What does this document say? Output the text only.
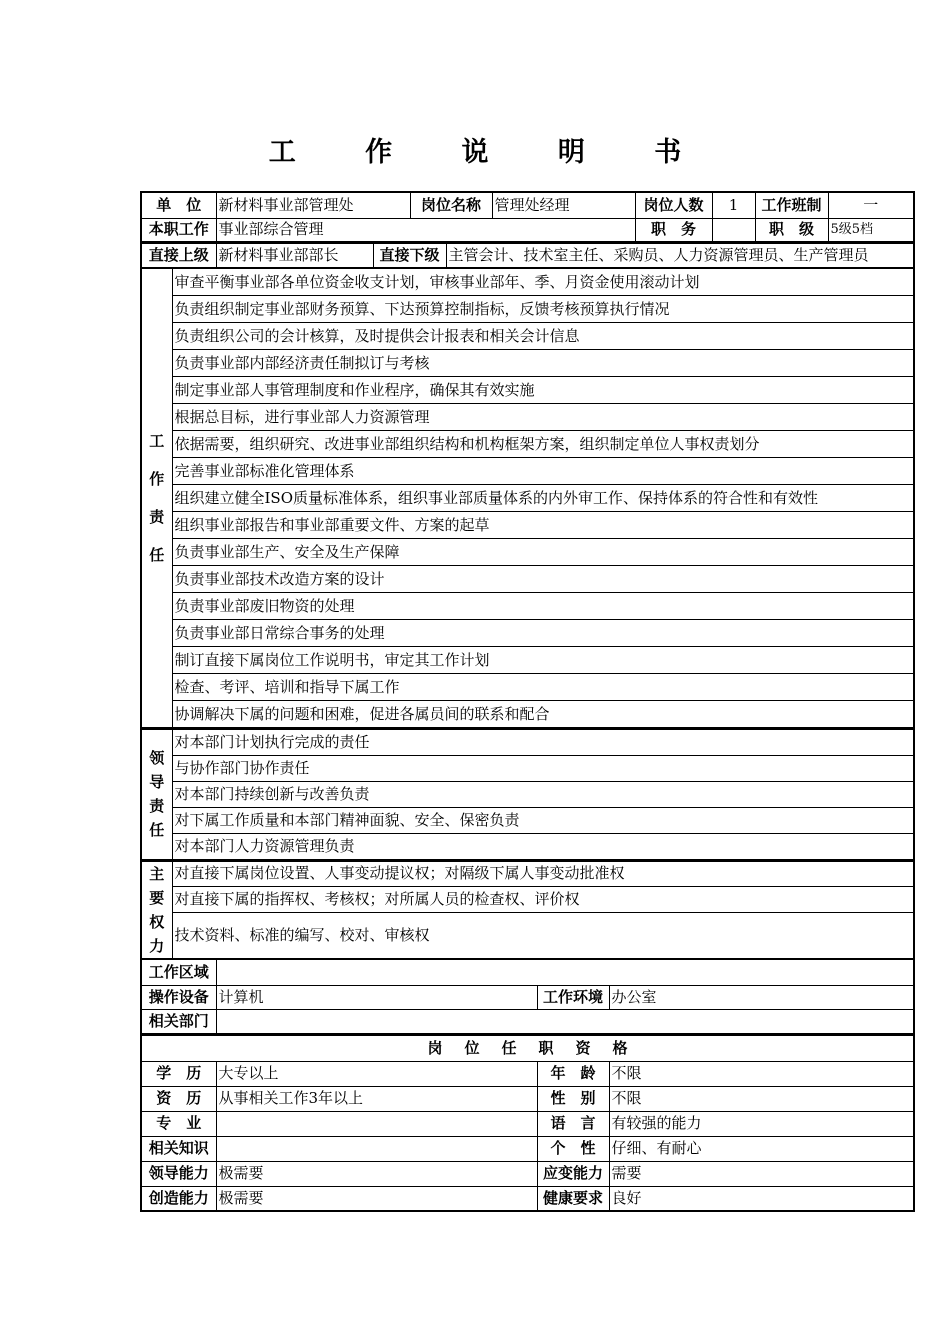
工 作 说 明 书
单　位	新材料事业部管理处	岗位名称	管理处经理	岗位人数	1	工作班制	一
本职工作	事业部综合管理			职　务		职　级	5级5档
直接上级	新材料事业部部长	直接下级	主管会计、技术室主任、采购员、人力资源管理员、生产管理员
工
作
责
任
	审查平衡事业部各单位资金收支计划，审核事业部年、季、月资金使用滚动计划
负责组织制定事业部财务预算、下达预算控制指标，反馈考核预算执行情况
负责组织公司的会计核算，及时提供会计报表和相关会计信息
负责事业部内部经济责任制拟订与考核
制定事业部人事管理制度和作业程序，确保其有效实施
根据总目标，进行事业部人力资源管理
依据需要，组织研究、改进事业部组织结构和机构框架方案，组织制定单位人事权责划分
完善事业部标准化管理体系
组织建立健全ISO质量标准体系，组织事业部质量体系的内外审工作、保持体系的符合性和有效性
组织事业部报告和事业部重要文件、方案的起草
负责事业部生产、安全及生产保障
负责事业部技术改造方案的设计
负责事业部废旧物资的处理
负责事业部日常综合事务的处理
制订直接下属岗位工作说明书，审定其工作计划
检查、考评、培训和指导下属工作
协调解决下属的问题和困难，促进各属员间的联系和配合
领
导
责
任
	对本部门计划执行完成的责任
与协作部门协作责任
对本部门持续创新与改善负责
对下属工作质量和本部门精神面貌、安全、保密负责
对本部门人力资源管理负责
主
要
权
力
	对直接下属岗位设置、人事变动提议权；对隔级下属人事变动批准权
对直接下属的指挥权、考核权；对所属人员的检查权、评价权
技术资料、标准的编写、校对、审核权
工作区域			
操作设备	计算机	工作环境	办公室
相关部门			
岗位任职资格			
学　历	大专以上	年　龄	不限
资　历	从事相关工作3年以上	性　别	不限
专　业		语　言	有较强的能力
相关知识		个　性	仔细、有耐心
领导能力	极需要	应变能力	需要
创造能力	极需要	健康要求	良好
